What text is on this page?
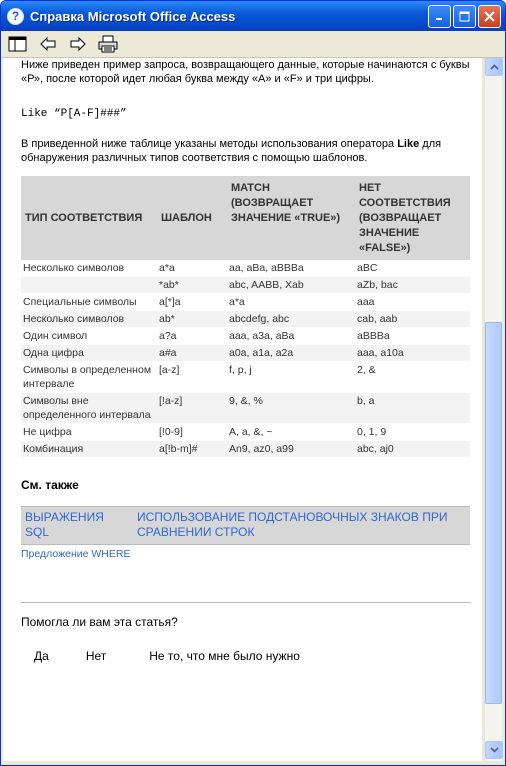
? Справка Microsoft Office Access
Ниже приведен пример запроса, возвращающего данные, которые начинаются с буквы «Р», после которой идет любая буква между «А» и «F» и три цифры.
Like “P[A-F]###”
В приведенной ниже таблице указаны методы использования оператора Like для обнаружения различных типов соответствия с помощью шаблонов.
ТИП СООТВЕТСТВИЯ	ШАБЛОН	MATCH (ВОЗВРАЩАЕТ ЗНАЧЕНИЕ «TRUE»)	НЕТ СООТВЕТСТВИЯ (ВОЗВРАЩАЕТ ЗНАЧЕНИЕ «FALSE»)
Несколько символов	a*a	aa, aBa, aBBBa	aBC
	*ab*	abc, AABB, Xab	aZb, bac
Специальные символы	a[*]a	a*a	aaa
Несколько символов	ab*	abcdefg, abc	cab, aab
Один символ	a?a	aaa, a3a, aBa	aBBBa
Одна цифра	a#a	a0a, a1a, a2a	aaa, a10a
Символы в определенном интервале	[a-z]	f, p, j	2, &
Символы вне определенного интервала	[!a-z]	9, &, %	b, a
Не цифра	[!0-9]	A, a, &, ~	0, 1, 9
Комбинация	a[!b-m]#	An9, az0, a99	abc, aj0
См. также
ВЫРАЖЕНИЯ SQL	ИСПОЛЬЗОВАНИЕ ПОДСТАНОВОЧНЫХ ЗНАКОВ ПРИ СРАВНЕНИИ СТРОК
Предложение WHERE
Помогла ли вам эта статья?
Да	Нет	Не то, что мне было нужно
